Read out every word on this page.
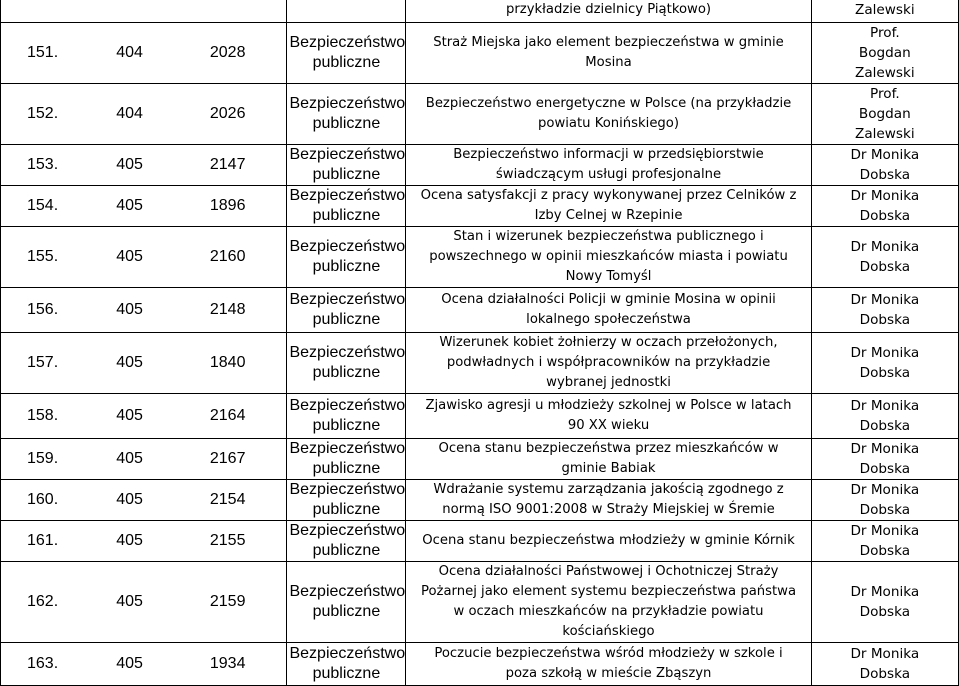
		przykładzie dzielnicy Piątkowo)	Zalewski

151. 404 2028	Bezpieczeństwo
publiczne	Straż Miejska jako element bezpieczeństwa w gminie
Mosina	Prof.
Bogdan
Zalewski

152. 404 2026	Bezpieczeństwo
publiczne	Bezpieczeństwo energetyczne w Polsce (na przykładzie
powiatu Konińskiego)	Prof.
Bogdan
Zalewski

153. 405 2147	Bezpieczeństwo
publiczne	Bezpieczeństwo informacji w przedsiębiorstwie
świadczącym usługi profesjonalne	Dr Monika
Dobska

154. 405 1896	Bezpieczeństwo
publiczne	Ocena satysfakcji z pracy wykonywanej przez Celników z
Izby Celnej w Rzepinie	Dr Monika
Dobska

155. 405 2160	Bezpieczeństwo
publiczne	Stan i wizerunek bezpieczeństwa publicznego i
powszechnego w opinii mieszkańców miasta i powiatu
Nowy Tomyśl	Dr Monika
Dobska

156. 405 2148	Bezpieczeństwo
publiczne	Ocena działalności Policji w gminie Mosina w opinii
lokalnego społeczeństwa	Dr Monika
Dobska

157. 405 1840	Bezpieczeństwo
publiczne	Wizerunek kobiet żołnierzy w oczach przełożonych,
podwładnych i współpracowników na przykładzie
wybranej jednostki	Dr Monika
Dobska

158. 405 2164	Bezpieczeństwo
publiczne	Zjawisko agresji u młodzieży szkolnej w Polsce w latach
90 XX wieku	Dr Monika
Dobska

159. 405 2167	Bezpieczeństwo
publiczne	Ocena stanu bezpieczeństwa przez mieszkańców w
gminie Babiak	Dr Monika
Dobska

160. 405 2154	Bezpieczeństwo
publiczne	Wdrażanie systemu zarządzania jakością zgodnego z
normą ISO 9001:2008 w Straży Miejskiej w Śremie	Dr Monika
Dobska

161. 405 2155	Bezpieczeństwo
publiczne	Ocena stanu bezpieczeństwa młodzieży w gminie Kórnik	Dr Monika
Dobska

162. 405 2159	Bezpieczeństwo
publiczne	Ocena działalności Państwowej i Ochotniczej Straży
Pożarnej jako element systemu bezpieczeństwa państwa
w oczach mieszkańców na przykładzie powiatu
kościańskiego	Dr Monika
Dobska

163. 405 1934	Bezpieczeństwo
publiczne	Poczucie bezpieczeństwa wśród młodzieży w szkole i
poza szkołą w mieście Zbąszyn	Dr Monika
Dobska
